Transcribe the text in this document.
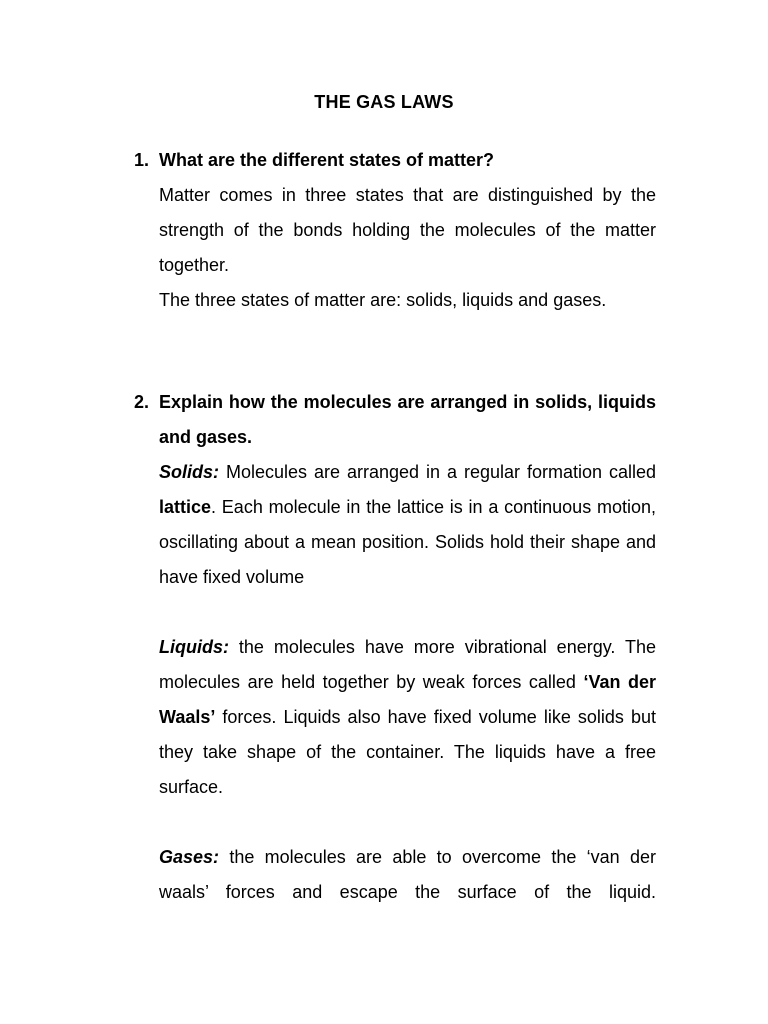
THE GAS LAWS
1. What are the different states of matter?
Matter comes in three states that are distinguished by the strength of the bonds holding the molecules of the matter together.
The three states of matter are: solids, liquids and gases.
2. Explain how the molecules are arranged in solids, liquids and gases.
Solids: Molecules are arranged in a regular formation called lattice. Each molecule in the lattice is in a continuous motion, oscillating about a mean position. Solids hold their shape and have fixed volume
Liquids: the molecules have more vibrational energy. The molecules are held together by weak forces called ‘Van der Waals’ forces. Liquids also have fixed volume like solids but they take shape of the container. The liquids have a free surface.
Gases: the molecules are able to overcome the ‘van der waals’ forces and escape the surface of the liquid.
